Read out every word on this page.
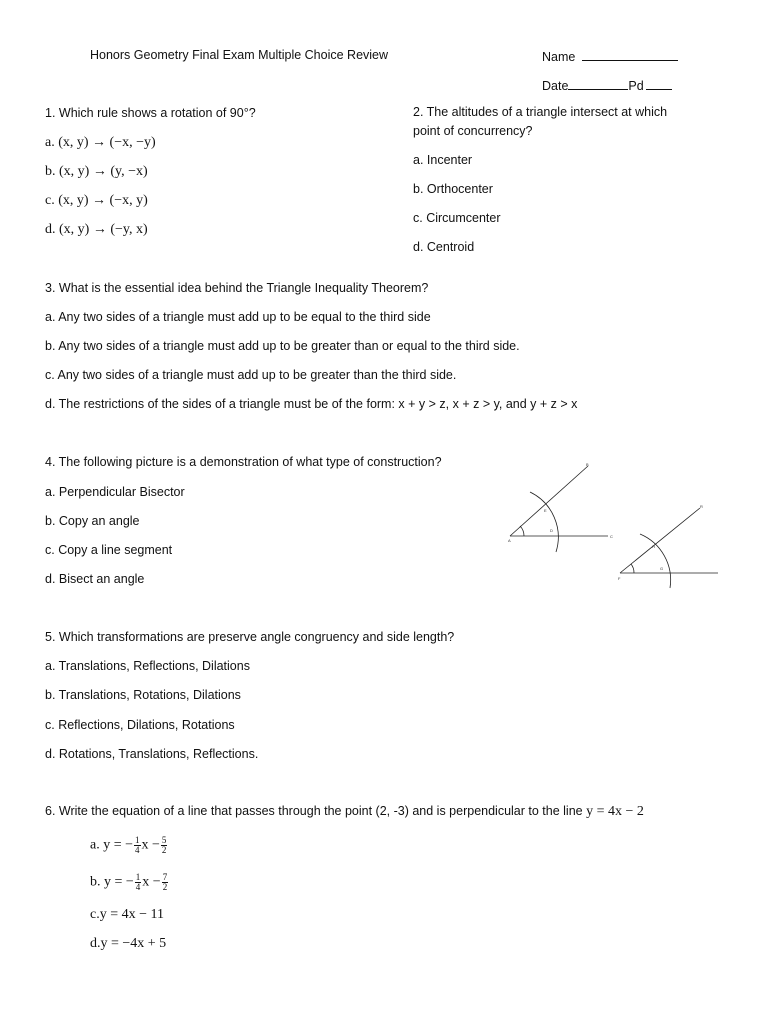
Honors Geometry Final Exam Multiple Choice Review	Name
Date	Pd
1. Which rule shows a rotation of 90°?
a. (x, y) → (−x, −y)
b. (x, y) → (y, −x)
c. (x, y) → (−x, y)
d. (x, y) → (−y, x)
2. The altitudes of a triangle intersect at which
point of concurrency?
a. Incenter
b. Orthocenter
c. Circumcenter
d. Centroid
3. What is the essential idea behind the Triangle Inequality Theorem?
a. Any two sides of a triangle must add up to be equal to the third side
b. Any two sides of a triangle must add up to be greater than or equal to the third side.
c. Any two sides of a triangle must add up to be greater than the third side.
d. The restrictions of the sides of a triangle must be of the form: x + y > z, x + z > y, and y + z > x
4. The following picture is a demonstration of what type of construction?
a. Perpendicular Bisector
b. Copy an angle
c. Copy a line segment
d. Bisect an angle
B
A
C
D
E
F
G
H
R
5. Which transformations are preserve angle congruency and side length?
a. Translations, Reflections, Dilations
b. Translations, Rotations, Dilations
c. Reflections, Dilations, Rotations
d. Rotations, Translations, Reflections.
6. Write the equation of a line that passes through the point (2, -3) and is perpendicular to the line y = 4x − 2
a. y = − $\frac{1}{4}$ $x - \frac{5}{2}$
b. y = − $\frac{1}{4}$ $x - \frac{7}{2}$
c.y = 4x − 11
d.y = −4x + 5
